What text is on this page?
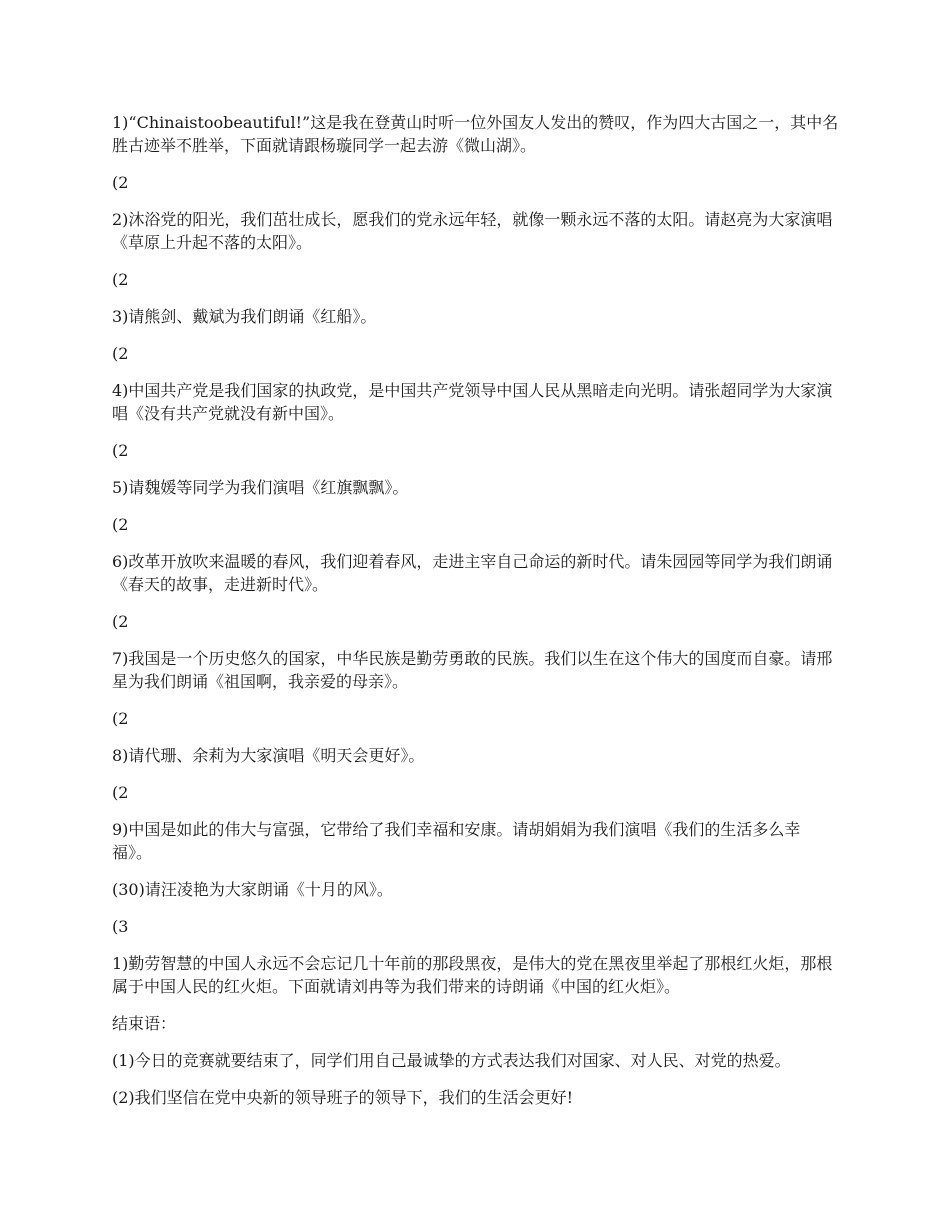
1)“Chinaistoobeautiful!”这是我在登黄山时听一位外国友人发出的赞叹，作为四大古国之一，其中名胜古迹举不胜举，下面就请跟杨璇同学一起去游《微山湖》。

(2

2)沐浴党的阳光，我们茁壮成长，愿我们的党永远年轻，就像一颗永远不落的太阳。请赵亮为大家演唱《草原上升起不落的太阳》。

(2

3)请熊剑、戴斌为我们朗诵《红船》。

(2

4)中国共产党是我们国家的执政党，是中国共产党领导中国人民从黑暗走向光明。请张超同学为大家演唱《没有共产党就没有新中国》。

(2

5)请魏媛等同学为我们演唱《红旗飘飘》。

(2

6)改革开放吹来温暖的春风，我们迎着春风，走进主宰自己命运的新时代。请朱园园等同学为我们朗诵《春天的故事，走进新时代》。

(2

7)我国是一个历史悠久的国家，中华民族是勤劳勇敢的民族。我们以生在这个伟大的国度而自豪。请邢星为我们朗诵《祖国啊，我亲爱的母亲》。

(2

8)请代珊、余莉为大家演唱《明天会更好》。

(2

9)中国是如此的伟大与富强，它带给了我们幸福和安康。请胡娟娟为我们演唱《我们的生活多么幸福》。

(30)请汪凌艳为大家朗诵《十月的风》。

(3

1)勤劳智慧的中国人永远不会忘记几十年前的那段黑夜，是伟大的党在黑夜里举起了那根红火炬，那根属于中国人民的红火炬。下面就请刘冉等为我们带来的诗朗诵《中国的红火炬》。

结束语：

(1)今日的竞赛就要结束了，同学们用自己最诚挚的方式表达我们对国家、对人民、对党的热爱。

(2)我们坚信在党中央新的领导班子的领导下，我们的生活会更好!
